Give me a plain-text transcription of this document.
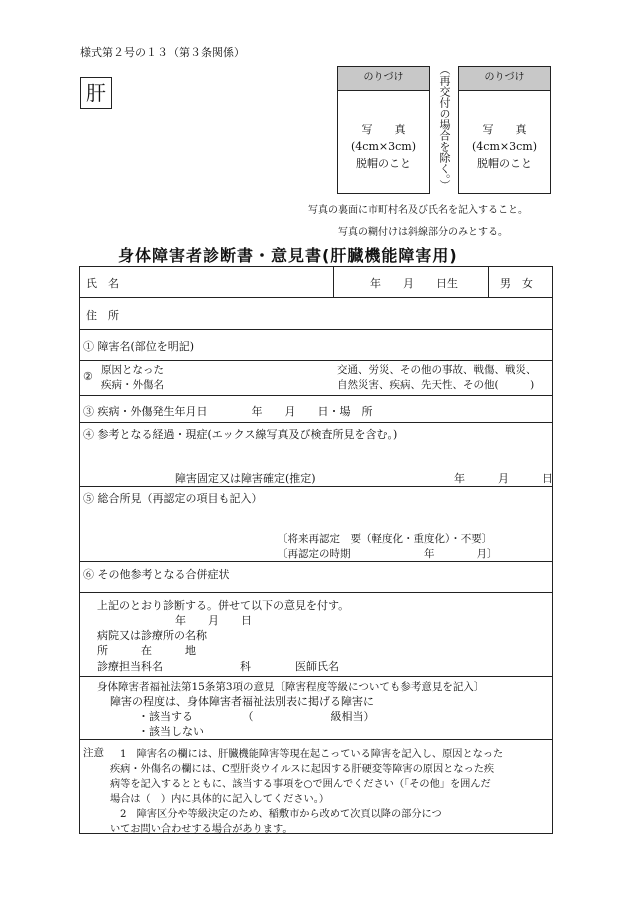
様式第２号の１３（第３条関係）
肝
のりづけ
写　　真
(4cm×3cm)
脱帽のこと	（再交付の場合を除く。）	のりづけ
写　　真
(4cm×3cm)
脱帽のこと
写真の裏面に市町村名及び氏名を記入すること。
写真の糊付けは斜線部分のみとする。
身体障害者診断書・意見書(肝臓機能障害用)
氏　名	年　　月　　日生	男　女
住　所
① 障害名(部位を明記)
② 原因となった
疾病・外傷名
交通、労災、その他の事故、戦傷、戦災、
自然災害、疾病、先天性、その他(　　　)
③ 疾病・外傷発生年月日　　　　年　　月　　日・場　所
④ 参考となる経過・現症(エックス線写真及び検査所見を含む。)
障害固定又は障害確定(推定)	年　　　月　　　日
⑤ 総合所見（再認定の項目も記入）
〔将来再認定　要（軽度化・重度化）・不要〕
〔再認定の時期　　　　　　　年　　　　月〕
⑥ その他参考となる合併症状
上記のとおり診断する。併せて以下の意見を付す。
年　　月　　日
病院又は診療所の名称
所　　　在　　　地
診療担当科名　　　　　　　科　　　　医師氏名
身体障害者福祉法第15条第3項の意見〔障害程度等級についても参考意見を記入〕
障害の程度は、身体障害者福祉法別表に掲げる障害に
・該当する　　　　　（　　　　　　　級相当）
・該当しない
注意 1　障害名の欄には、肝臓機能障害等現在起こっている障害を記入し、原因となった
疾病・外傷名の欄には、C型肝炎ウイルスに起因する肝硬変等障害の原因となった疾
病等を記入するとともに、該当する事項を○で囲んでください（「その他」を囲んだ
場合は（　）内に具体的に記入してください。）
2　障害区分や等級決定のため、稲敷市から改めて次頁以降の部分につ
いてお問い合わせする場合があります。
